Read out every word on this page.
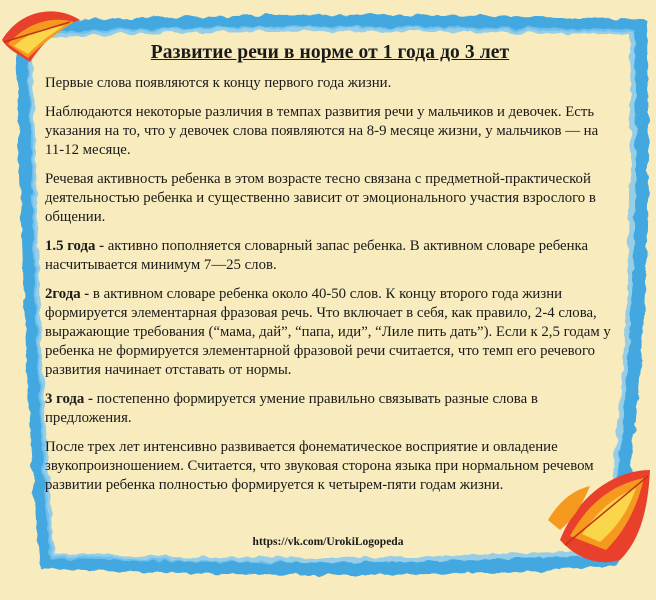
Развитие речи в норме от 1 года до 3 лет

Первые слова появляются к концу первого года жизни.

Наблюдаются некоторые различия в темпах развития речи у мальчиков и девочек. Есть указания на то, что у девочек слова появляются на 8-9 месяце жизни, у мальчиков — на 11-12 месяце.

Речевая активность ребенка в этом возрасте тесно связана с предметной-практической деятельностью ребенка и существенно зависит от эмоционального участия взрослого в общении.

1.5 года - активно пополняется словарный запас ребенка. В активном словаре ребенка насчитывается минимум 7—25 слов.

2года - в активном словаре ребенка около 40-50 слов. К концу второго года жизни формируется элементарная фразовая речь. Что включает в себя, как правило, 2-4 слова, выражающие требования (“мама, дай”, “папа, иди”, “Лиле пить дать”). Если к 2,5 годам у ребенка не формируется элементарной фразовой речи считается, что темп его речевого развития начинает отставать от нормы.

3 года - постепенно формируется умение правильно связывать разные слова в предложения.

После трех лет интенсивно развивается фонематическое восприятие и овладение звукопроизношением. Считается, что звуковая сторона языка при нормальном речевом развитии ребенка полностью формируется к четырем-пяти годам жизни.

https://vk.com/UrokiLogopeda
